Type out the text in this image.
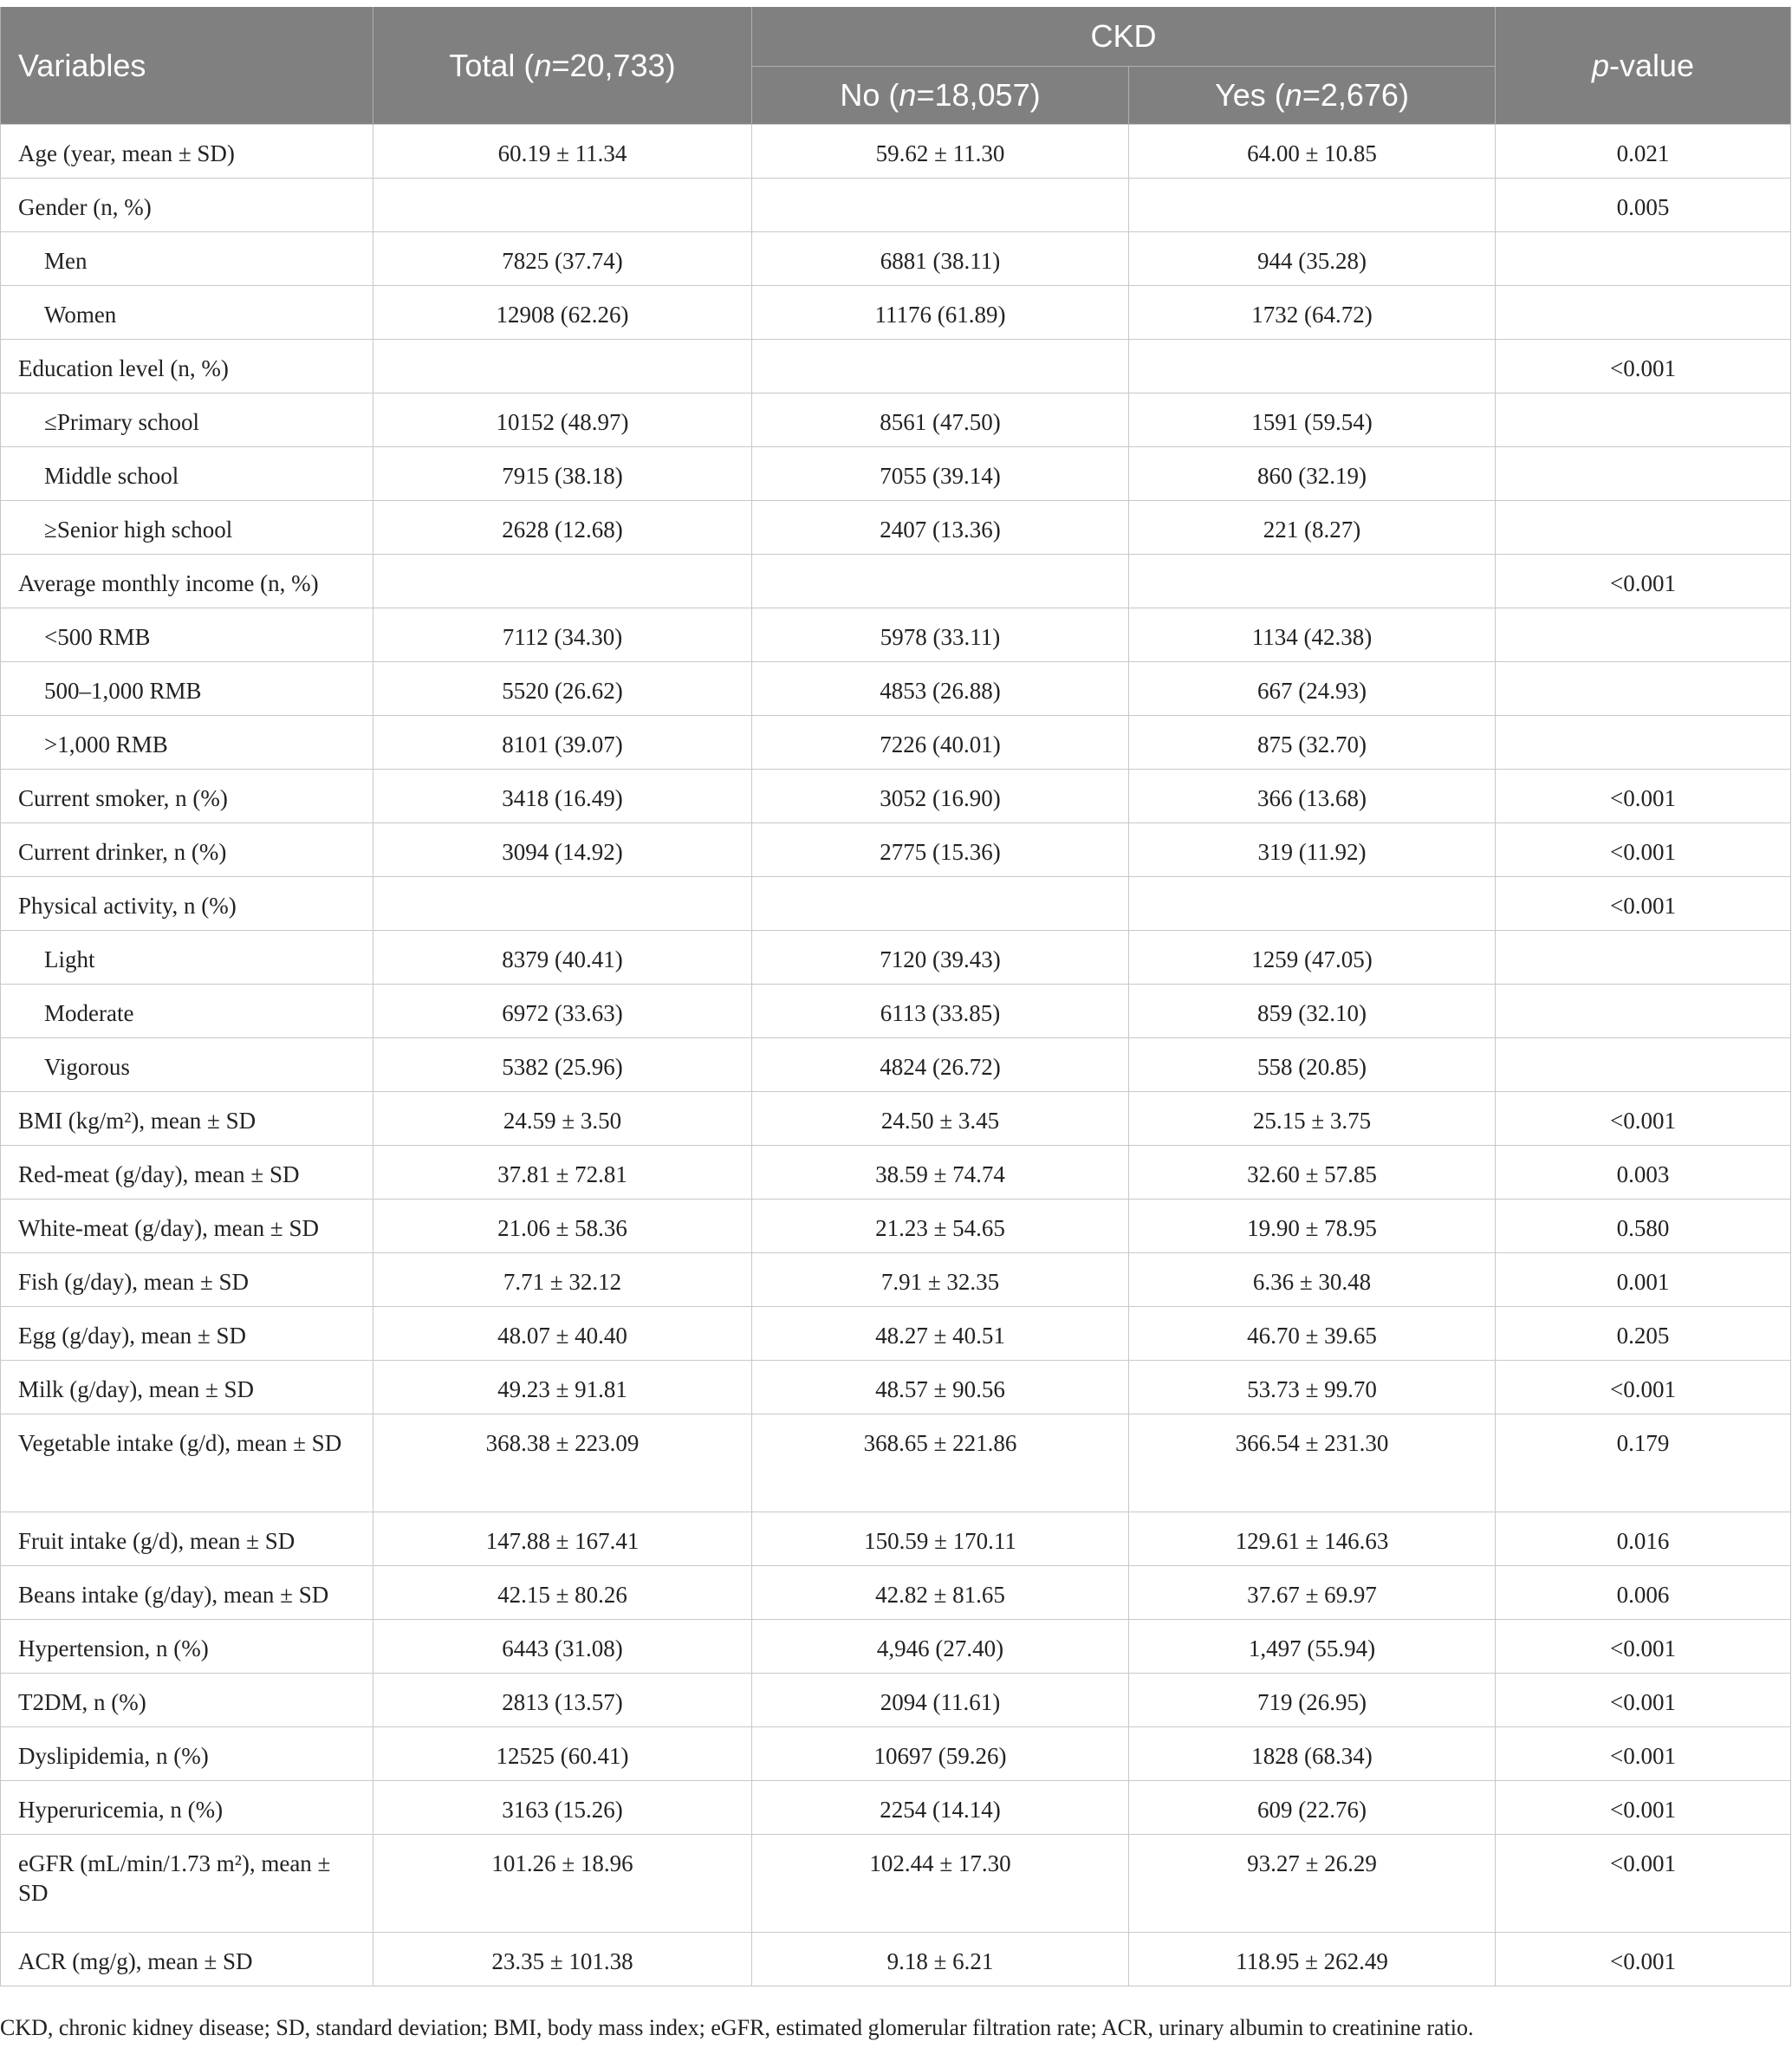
Variables	Total (n=20,733)	CKD		p-value
		No (n=18,057)	Yes (n=2,676)	
Age (year, mean ± SD)	60.19 ± 11.34	59.62 ± 11.30	64.00 ± 10.85	0.021
Gender (n, %)				0.005
Men	7825 (37.74)	6881 (38.11)	944 (35.28)	
Women	12908 (62.26)	11176 (61.89)	1732 (64.72)	
Education level (n, %)				<0.001
≤Primary school	10152 (48.97)	8561 (47.50)	1591 (59.54)	
Middle school	7915 (38.18)	7055 (39.14)	860 (32.19)	
≥Senior high school	2628 (12.68)	2407 (13.36)	221 (8.27)	
Average monthly income (n, %)				<0.001
<500 RMB	7112 (34.30)	5978 (33.11)	1134 (42.38)	
500–1,000 RMB	5520 (26.62)	4853 (26.88)	667 (24.93)	
>1,000 RMB	8101 (39.07)	7226 (40.01)	875 (32.70)	
Current smoker, n (%)	3418 (16.49)	3052 (16.90)	366 (13.68)	<0.001
Current drinker, n (%)	3094 (14.92)	2775 (15.36)	319 (11.92)	<0.001
Physical activity, n (%)				<0.001
Light	8379 (40.41)	7120 (39.43)	1259 (47.05)	
Moderate	6972 (33.63)	6113 (33.85)	859 (32.10)	
Vigorous	5382 (25.96)	4824 (26.72)	558 (20.85)	
BMI (kg/m²), mean ± SD	24.59 ± 3.50	24.50 ± 3.45	25.15 ± 3.75	<0.001
Red-meat (g/day), mean ± SD	37.81 ± 72.81	38.59 ± 74.74	32.60 ± 57.85	0.003
White-meat (g/day), mean ± SD	21.06 ± 58.36	21.23 ± 54.65	19.90 ± 78.95	0.580
Fish (g/day), mean ± SD	7.71 ± 32.12	7.91 ± 32.35	6.36 ± 30.48	0.001
Egg (g/day), mean ± SD	48.07 ± 40.40	48.27 ± 40.51	46.70 ± 39.65	0.205
Milk (g/day), mean ± SD	49.23 ± 91.81	48.57 ± 90.56	53.73 ± 99.70	<0.001
Vegetable intake (g/d), mean ± SD	368.38 ± 223.09	368.65 ± 221.86	366.54 ± 231.30	0.179
Fruit intake (g/d), mean ± SD	147.88 ± 167.41	150.59 ± 170.11	129.61 ± 146.63	0.016
Beans intake (g/day), mean ± SD	42.15 ± 80.26	42.82 ± 81.65	37.67 ± 69.97	0.006
Hypertension, n (%)	6443 (31.08)	4,946 (27.40)	1,497 (55.94)	<0.001
T2DM, n (%)	2813 (13.57)	2094 (11.61)	719 (26.95)	<0.001
Dyslipidemia, n (%)	12525 (60.41)	10697 (59.26)	1828 (68.34)	<0.001
Hyperuricemia, n (%)	3163 (15.26)	2254 (14.14)	609 (22.76)	<0.001
eGFR (mL/min/1.73 m²), mean ± SD	101.26 ± 18.96	102.44 ± 17.30	93.27 ± 26.29	<0.001
ACR (mg/g), mean ± SD	23.35 ± 101.38	9.18 ± 6.21	118.95 ± 262.49	<0.001
CKD, chronic kidney disease; SD, standard deviation; BMI, body mass index; eGFR, estimated glomerular filtration rate; ACR, urinary albumin to creatinine ratio.
